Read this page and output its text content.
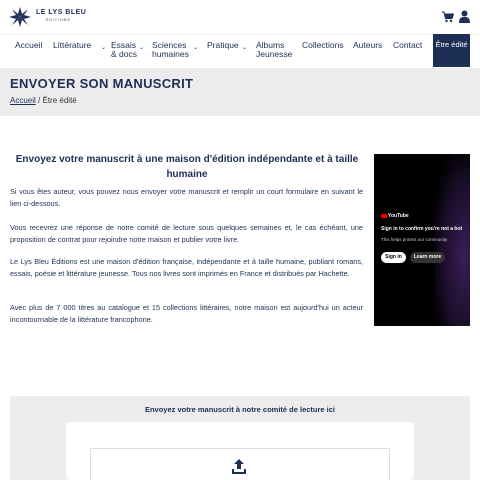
LE LYS BLEU
ÉDITIONS
Accueil Littérature ⌄ Essais & docs
⌄ Sciences humaines
⌄ Pratique ⌄ Albums Jeunesse
Collections Auteurs Contact	Être édité
ENVOYER SON MANUSCRIT
Accueil / Être édité
Envoyez votre manuscrit à une maison d'édition indépendante et à taille humaine
Si vous êtes auteur, vous pouvez nous envoyer votre manuscrit et remplir un court formulaire en suivant le lien ci-dessous.
Vous recevrez une réponse de notre comité de lecture sous quelques semaines et, le cas échéant, une proposition de contrat pour rejoindre notre maison et publier votre livre.
Le Lys Bleu Éditions est une maison d'édition française, indépendante et à taille humaine, publiant romans, essais, poésie et littérature jeunesse. Tous nos livres sont imprimés en France et distribués par Hachette.
Avec plus de 7 000 titres au catalogue et 15 collections littéraires, notre maison est aujourd'hui un acteur incontournable de la littérature francophone.
YouTube
Sign in to confirm you're not a bot
This helps protect our community
Sign in	Learn more
Envoyez votre manuscrit à notre comité de lecture ici
